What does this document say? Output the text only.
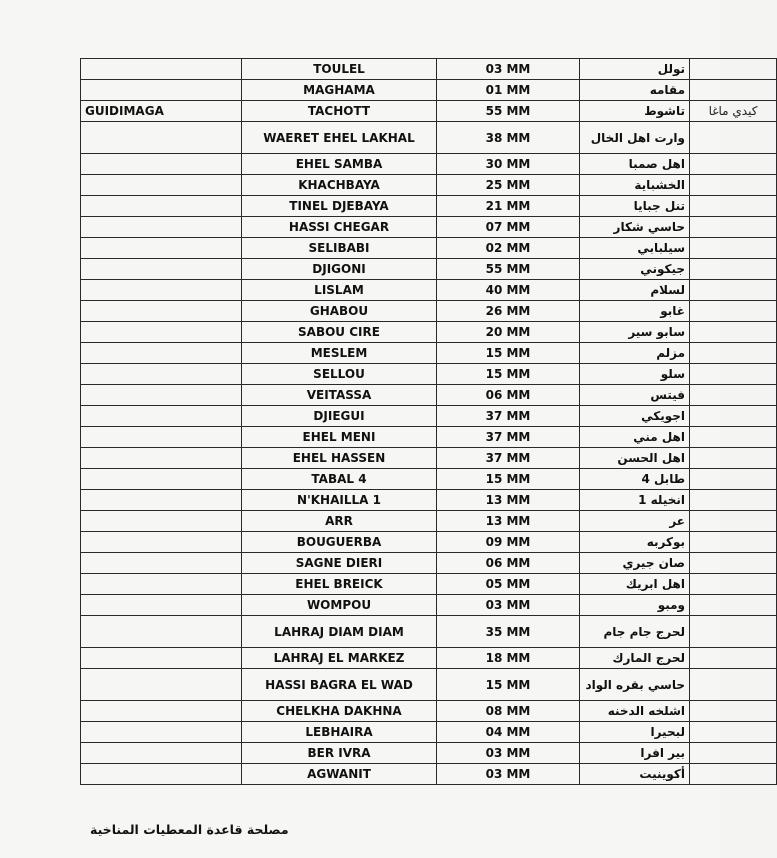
	TOULEL	03 MM	تولل	
	MAGHAMA	01 MM	مقامه	
GUIDIMAGA	TACHOTT	55 MM	تاشوط	كيدي ماغا
	WAERET EHEL LAKHAL	38 MM	وارت اهل الخال	
	EHEL SAMBA	30 MM	اهل صمبا	
	KHACHBAYA	25 MM	الخشباية	
	TINEL DJEBAYA	21 MM	تنل جبايا	
	HASSI CHEGAR	07 MM	حاسي شكار	
	SELIBABI	02 MM	سيلبابي	
	DJIGONI	55 MM	جيكوني	
	LISLAM	40 MM	لسلام	
	GHABOU	26 MM	غابو	
	SABOU CIRE	20 MM	سابو سير	
	MESLEM	15 MM	مزلم	
	SELLOU	15 MM	سلو	
	VEITASSA	06 MM	فيتس	
	DJIEGUI	37 MM	اجويكي	
	EHEL MENI	37 MM	اهل مني	
	EHEL HASSEN	37 MM	اهل الحسن	
	TABAL 4	15 MM	طابل 4	
	N'KHAILLA 1	13 MM	انخيله 1	
	ARR	13 MM	عر	
	BOUGUERBA	09 MM	بوكربه	
	SAGNE DIERI	06 MM	صان جيري	
	EHEL BREICK	05 MM	اهل ابريك	
	WOMPOU	03 MM	ومبو	
	LAHRAJ DIAM DIAM	35 MM	لحرج جام جام	
	LAHRAJ EL MARKEZ	18 MM	لحرج المارك	
	HASSI BAGRA EL WAD	15 MM	حاسي بقره الواد	
	CHELKHA DAKHNA	08 MM	اشلخه الدخنه	
	LEBHAIRA	04 MM	لبحيرا	
	BER IVRA	03 MM	بير افرا	
	AGWANIT	03 MM	أكوينيت	
مصلحة قاعدة المعطيات المناخية
